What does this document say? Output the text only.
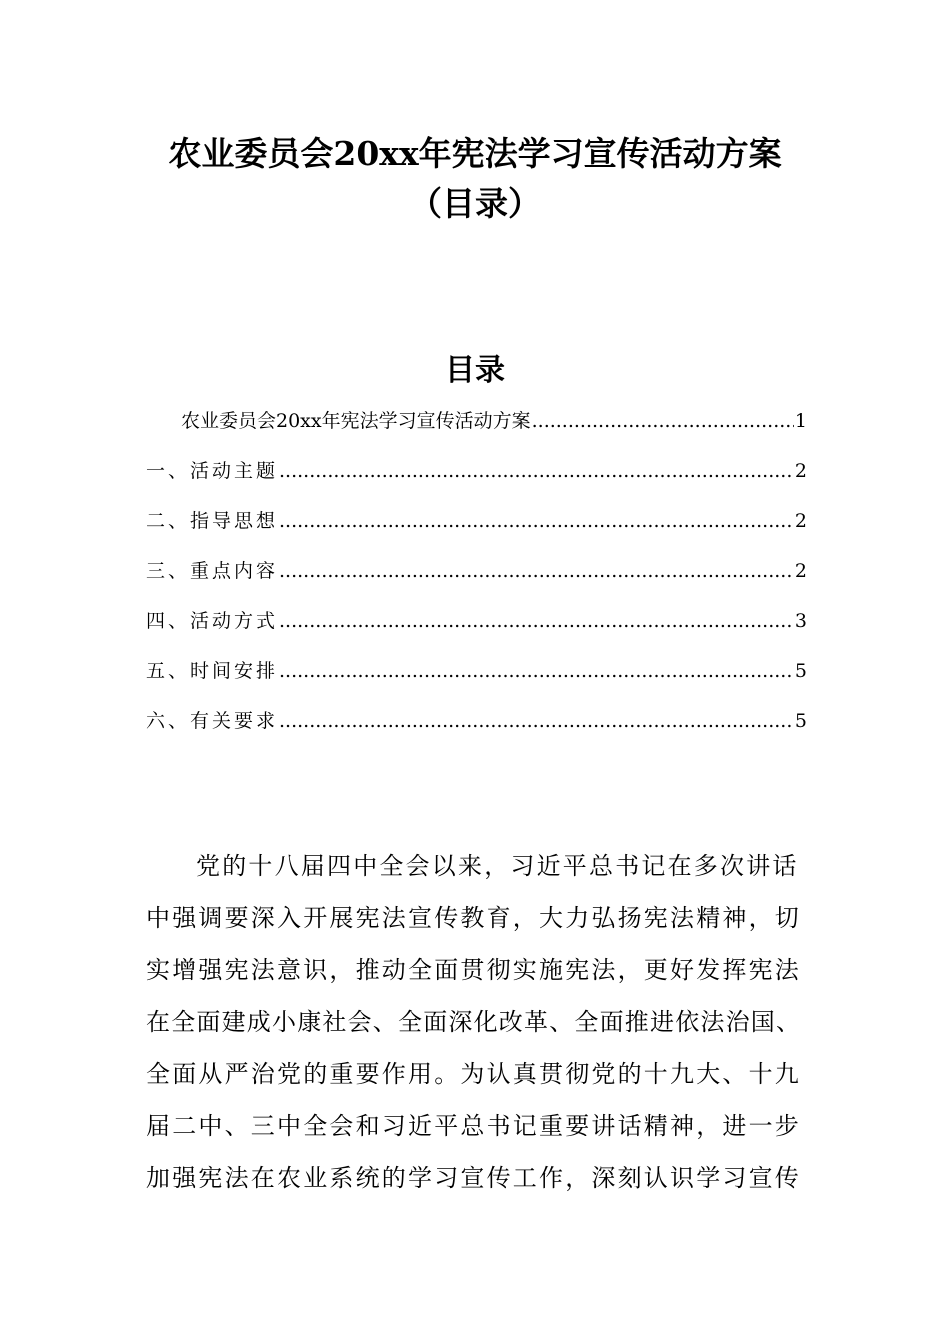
农业委员会20xx年宪法学习宣传活动方案
（目录）
目录
农业委员会20xx年宪法学习宣传活动方案 .....	1
一、活动主题 .....	2
二、指导思想 .....	2
三、重点内容 .....	2
四、活动方式 .....	3
五、时间安排 .....	5
六、有关要求 .....	5
党的十八届四中全会以来，习近平总书记在多次讲话
中强调要深入开展宪法宣传教育，大力弘扬宪法精神，切
实增强宪法意识，推动全面贯彻实施宪法，更好发挥宪法
在全面建成小康社会、全面深化改革、全面推进依法治国、
全面从严治党的重要作用。为认真贯彻党的十九大、十九
届二中、三中全会和习近平总书记重要讲话精神，进一步
加强宪法在农业系统的学习宣传工作，深刻认识学习宣传
